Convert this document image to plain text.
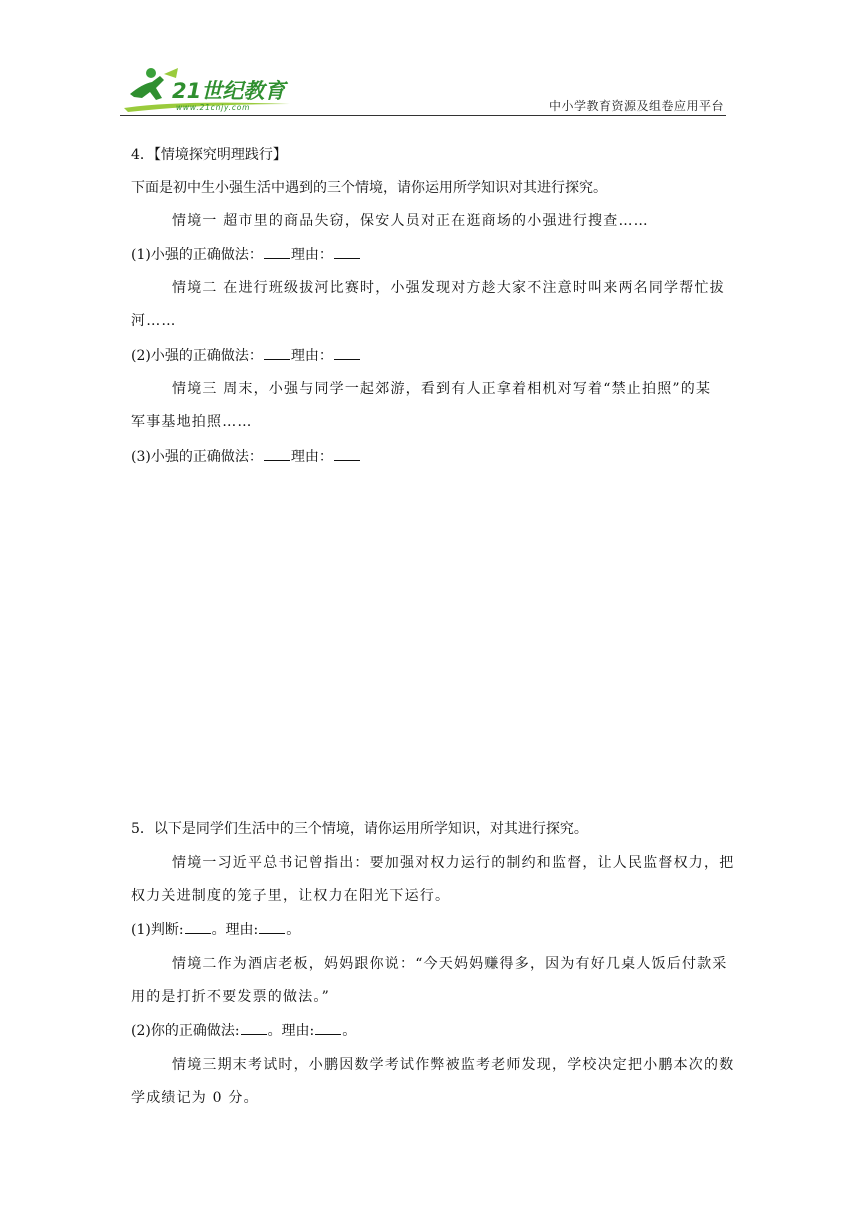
21世纪教育
www.21cnjy.com	中小学教育资源及组卷应用平台
4．【情境探究明理践行】
下面是初中生小强生活中遇到的三个情境，请你运用所学知识对其进行探究。
情境一 超市里的商品失窃，保安人员对正在逛商场的小强进行搜查……
(1)小强的正确做法： 理由：
情境二 在进行班级拔河比赛时，小强发现对方趁大家不注意时叫来两名同学帮忙拔
河……
(2)小强的正确做法： 理由：
情境三 周末，小强与同学一起郊游，看到有人正拿着相机对写着“禁止拍照”的某
军事基地拍照……
(3)小强的正确做法： 理由：
5．以下是同学们生活中的三个情境，请你运用所学知识，对其进行探究。
情境一习近平总书记曾指出：要加强对权力运行的制约和监督，让人民监督权力，把
权力关进制度的笼子里，让权力在阳光下运行。
(1)判断: 。理由: 。
情境二作为酒店老板，妈妈跟你说：“今天妈妈赚得多，因为有好几桌人饭后付款采
用的是打折不要发票的做法。”
(2)你的正确做法: 。理由: 。
情境三期末考试时，小鹏因数学考试作弊被监考老师发现，学校决定把小鹏本次的数
学成绩记为 0 分。
